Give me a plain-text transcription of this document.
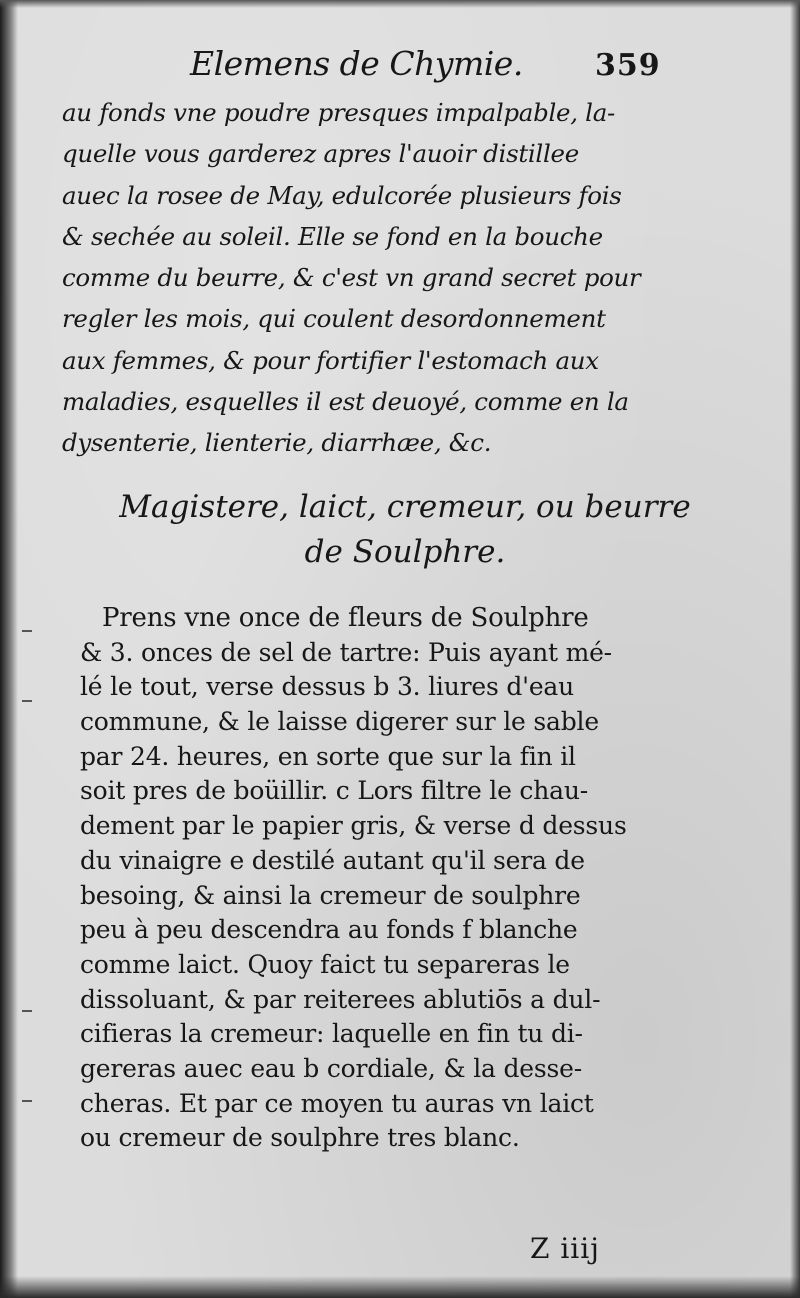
Elemens de Chymie. 359
au fonds vne poudre presques impalpable, la-
quelle vous garderez apres l'auoir distillee
auec la rosee de May, edulcorée plusieurs fois
& sechée au soleil. Elle se fond en la bouche
comme du beurre, & c'est vn grand secret pour
regler les mois, qui coulent desordonnement
aux femmes, & pour fortifier l'estomach aux
maladies, esquelles il est deuoyé, comme en la
dysenterie, lienterie, diarrhæe, &c.
Magistere, laict, cremeur, ou beurre
de Soulphre.
Prens vne once de fleurs de Soulphre
& 3. onces de sel de tartre: Puis ayant mé-
lé le tout, verse dessus b 3. liures d'eau
commune, & le laisse digerer sur le sable
par 24. heures, en sorte que sur la fin il
soit pres de boüillir. c Lors filtre le chau-
dement par le papier gris, & verse d dessus
du vinaigre e destilé autant qu'il sera de
besoing, & ainsi la cremeur de soulphre
peu à peu descendra au fonds f blanche
comme laict. Quoy faict tu separeras le
dissoluant, & par reiterees ablutiōs a dul-
cifieras la cremeur: laquelle en fin tu di-
gereras auec eau b cordiale, & la desse-
cheras. Et par ce moyen tu auras vn laict
ou cremeur de soulphre tres blanc.
Z iiij
